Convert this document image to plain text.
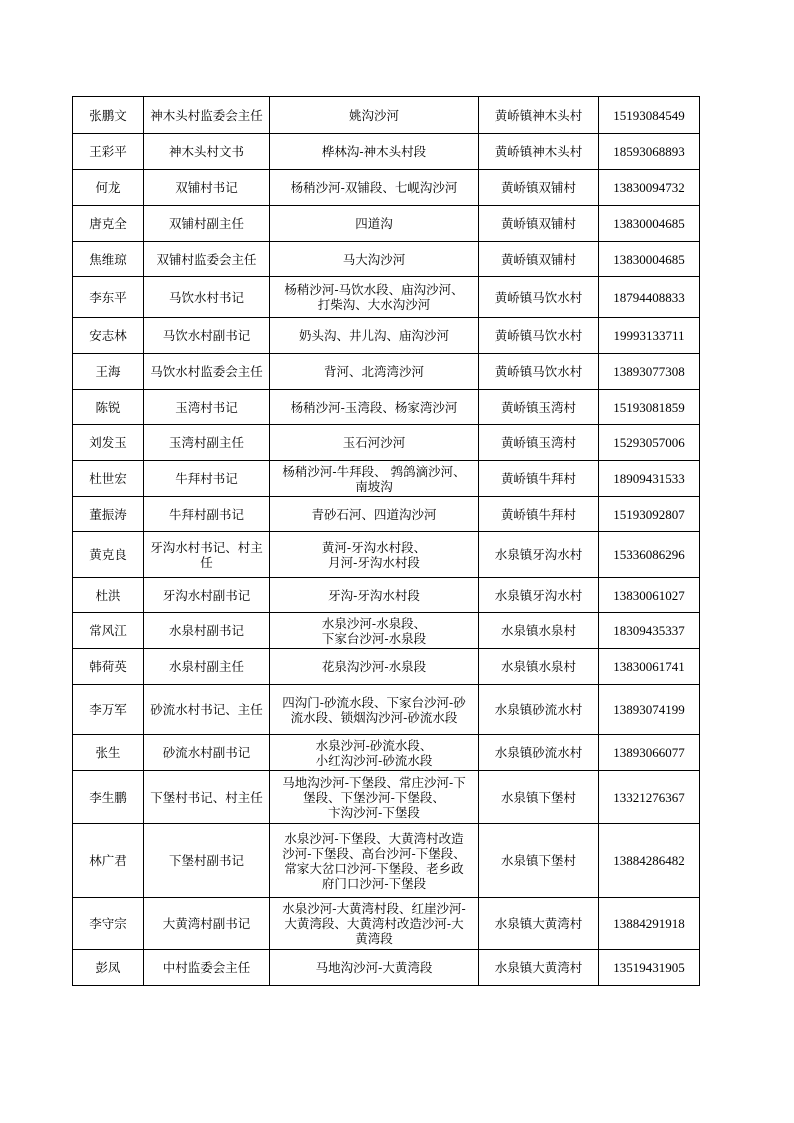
张鹏文	神木头村监委会主任	姚沟沙河	黄峤镇神木头村	15193084549
王彩平	神木头村文书	桦林沟-神木头村段	黄峤镇神木头村	18593068893
何龙	双铺村书记	杨稍沙河-双铺段、七岘沟沙河	黄峤镇双铺村	13830094732
唐克全	双铺村副主任	四道沟	黄峤镇双铺村	13830004685
焦维琼	双铺村监委会主任	马大沟沙河	黄峤镇双铺村	13830004685
李东平	马饮水村书记	杨稍沙河-马饮水段、庙沟沙河、
打柴沟、大水沟沙河	黄峤镇马饮水村	18794408833
安志林	马饮水村副书记	奶头沟、井儿沟、庙沟沙河	黄峤镇马饮水村	19993133711
王海	马饮水村监委会主任	背河、北湾湾沙河	黄峤镇马饮水村	13893077308
陈锐	玉湾村书记	杨稍沙河-玉湾段、杨家湾沙河	黄峤镇玉湾村	15193081859
刘发玉	玉湾村副主任	玉石河沙河	黄峤镇玉湾村	15293057006
杜世宏	牛拜村书记	杨稍沙河-牛拜段、 鹁鸽滴沙河、
南坡沟	黄峤镇牛拜村	18909431533
董振涛	牛拜村副书记	青砂石河、四道沟沙河	黄峤镇牛拜村	15193092807
黄克良	牙沟水村书记、村主
任	黄河-牙沟水村段、
月河-牙沟水村段	水泉镇牙沟水村	15336086296
杜洪	牙沟水村副书记	牙沟-牙沟水村段	水泉镇牙沟水村	13830061027
常风江	水泉村副书记	水泉沙河-水泉段、
下家台沙河-水泉段	水泉镇水泉村	18309435337
韩荷英	水泉村副主任	花泉沟沙河-水泉段	水泉镇水泉村	13830061741
李万军	砂流水村书记、主任	四沟门-砂流水段、下家台沙河-砂
流水段、锁烟沟沙河-砂流水段	水泉镇砂流水村	13893074199
张生	砂流水村副书记	水泉沙河-砂流水段、
小红沟沙河-砂流水段	水泉镇砂流水村	13893066077
李生鹏	下堡村书记、村主任	马地沟沙河-下堡段、常庄沙河-下
堡段、下堡沙河-下堡段、
卞沟沙河-下堡段	水泉镇下堡村	13321276367
林广君	下堡村副书记	水泉沙河-下堡段、大黄湾村改造
沙河-下堡段、高台沙河-下堡段、
常家大岔口沙河-下堡段、老乡政
府门口沙河-下堡段	水泉镇下堡村	13884286482
李守宗	大黄湾村副书记	水泉沙河-大黄湾村段、红崖沙河-
大黄湾段、大黄湾村改造沙河-大
黄湾段	水泉镇大黄湾村	13884291918
彭凤	中村监委会主任	马地沟沙河-大黄湾段	水泉镇大黄湾村	13519431905
